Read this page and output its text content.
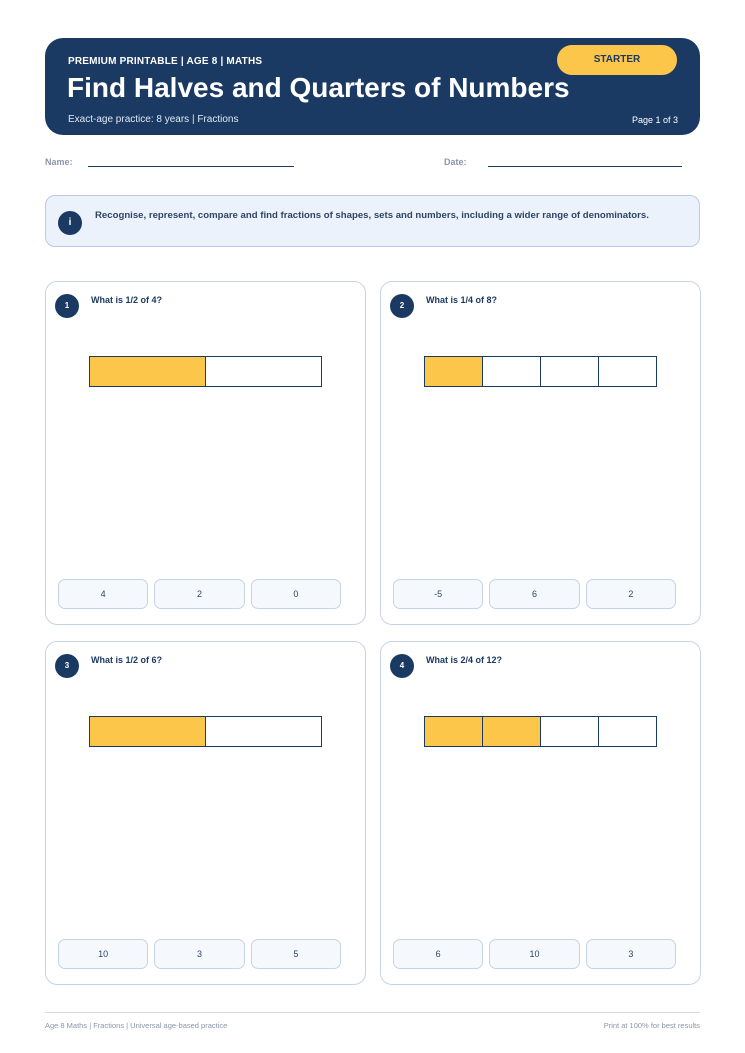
PREMIUM PRINTABLE | AGE 8 | MATHS
Find Halves and Quarters of Numbers
Exact-age practice: 8 years | Fractions	Page 1 of 3
STARTER
Name:	Date:
i
Recognise, represent, compare and find fractions of shapes, sets and numbers, including a wider range of denominators.
1
What is 1/2 of 4?
4	2	0
2
What is 1/4 of 8?
-5	6	2
3
What is 1/2 of 6?
10	3	5
4
What is 2/4 of 12?
6	10	3
Age 8 Maths | Fractions | Universal age-based practice	Print at 100% for best results
